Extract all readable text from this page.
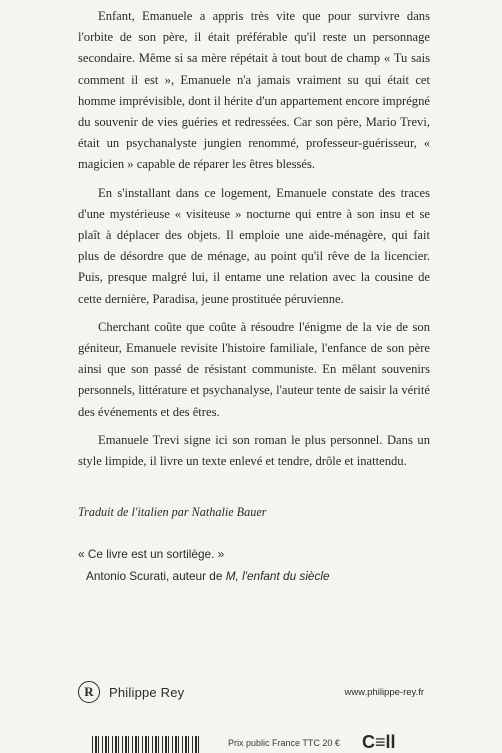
Enfant, Emanuele a appris très vite que pour survivre dans l'orbite de son père, il était préférable qu'il reste un personnage secondaire. Même si sa mère répétait à tout bout de champ « Tu sais comment il est », Emanuele n'a jamais vraiment su qui était cet homme imprévisible, dont il hérite d'un appartement encore imprégné du souvenir de vies guéries et redressées. Car son père, Mario Trevi, était un psychanalyste jungien renommé, professeur-guérisseur, « magicien » capable de réparer les êtres blessés.

En s'installant dans ce logement, Emanuele constate des traces d'une mystérieuse « visiteuse » nocturne qui entre à son insu et se plaît à déplacer des objets. Il emploie une aide-ménagère, qui fait plus de désordre que de ménage, au point qu'il rêve de la licencier. Puis, presque malgré lui, il entame une relation avec la cousine de cette dernière, Paradisa, jeune prostituée péruvienne.

Cherchant coûte que coûte à résoudre l'énigme de la vie de son géniteur, Emanuele revisite l'histoire familiale, l'enfance de son père ainsi que son passé de résistant communiste. En mêlant souvenirs personnels, littérature et psychanalyse, l'auteur tente de saisir la vérité des événements et des êtres.

Emanuele Trevi signe ici son roman le plus personnel. Dans un style limpide, il livre un texte enlevé et tendre, drôle et inattendu.

Traduit de l'italien par Nathalie Bauer
« Ce livre est un sortilège. »
Antonio Scurati, auteur de M, l'enfant du siècle
R	Philippe Rey	www.philippe-rey.fr
Prix public France TTC 20 € C≡ll
